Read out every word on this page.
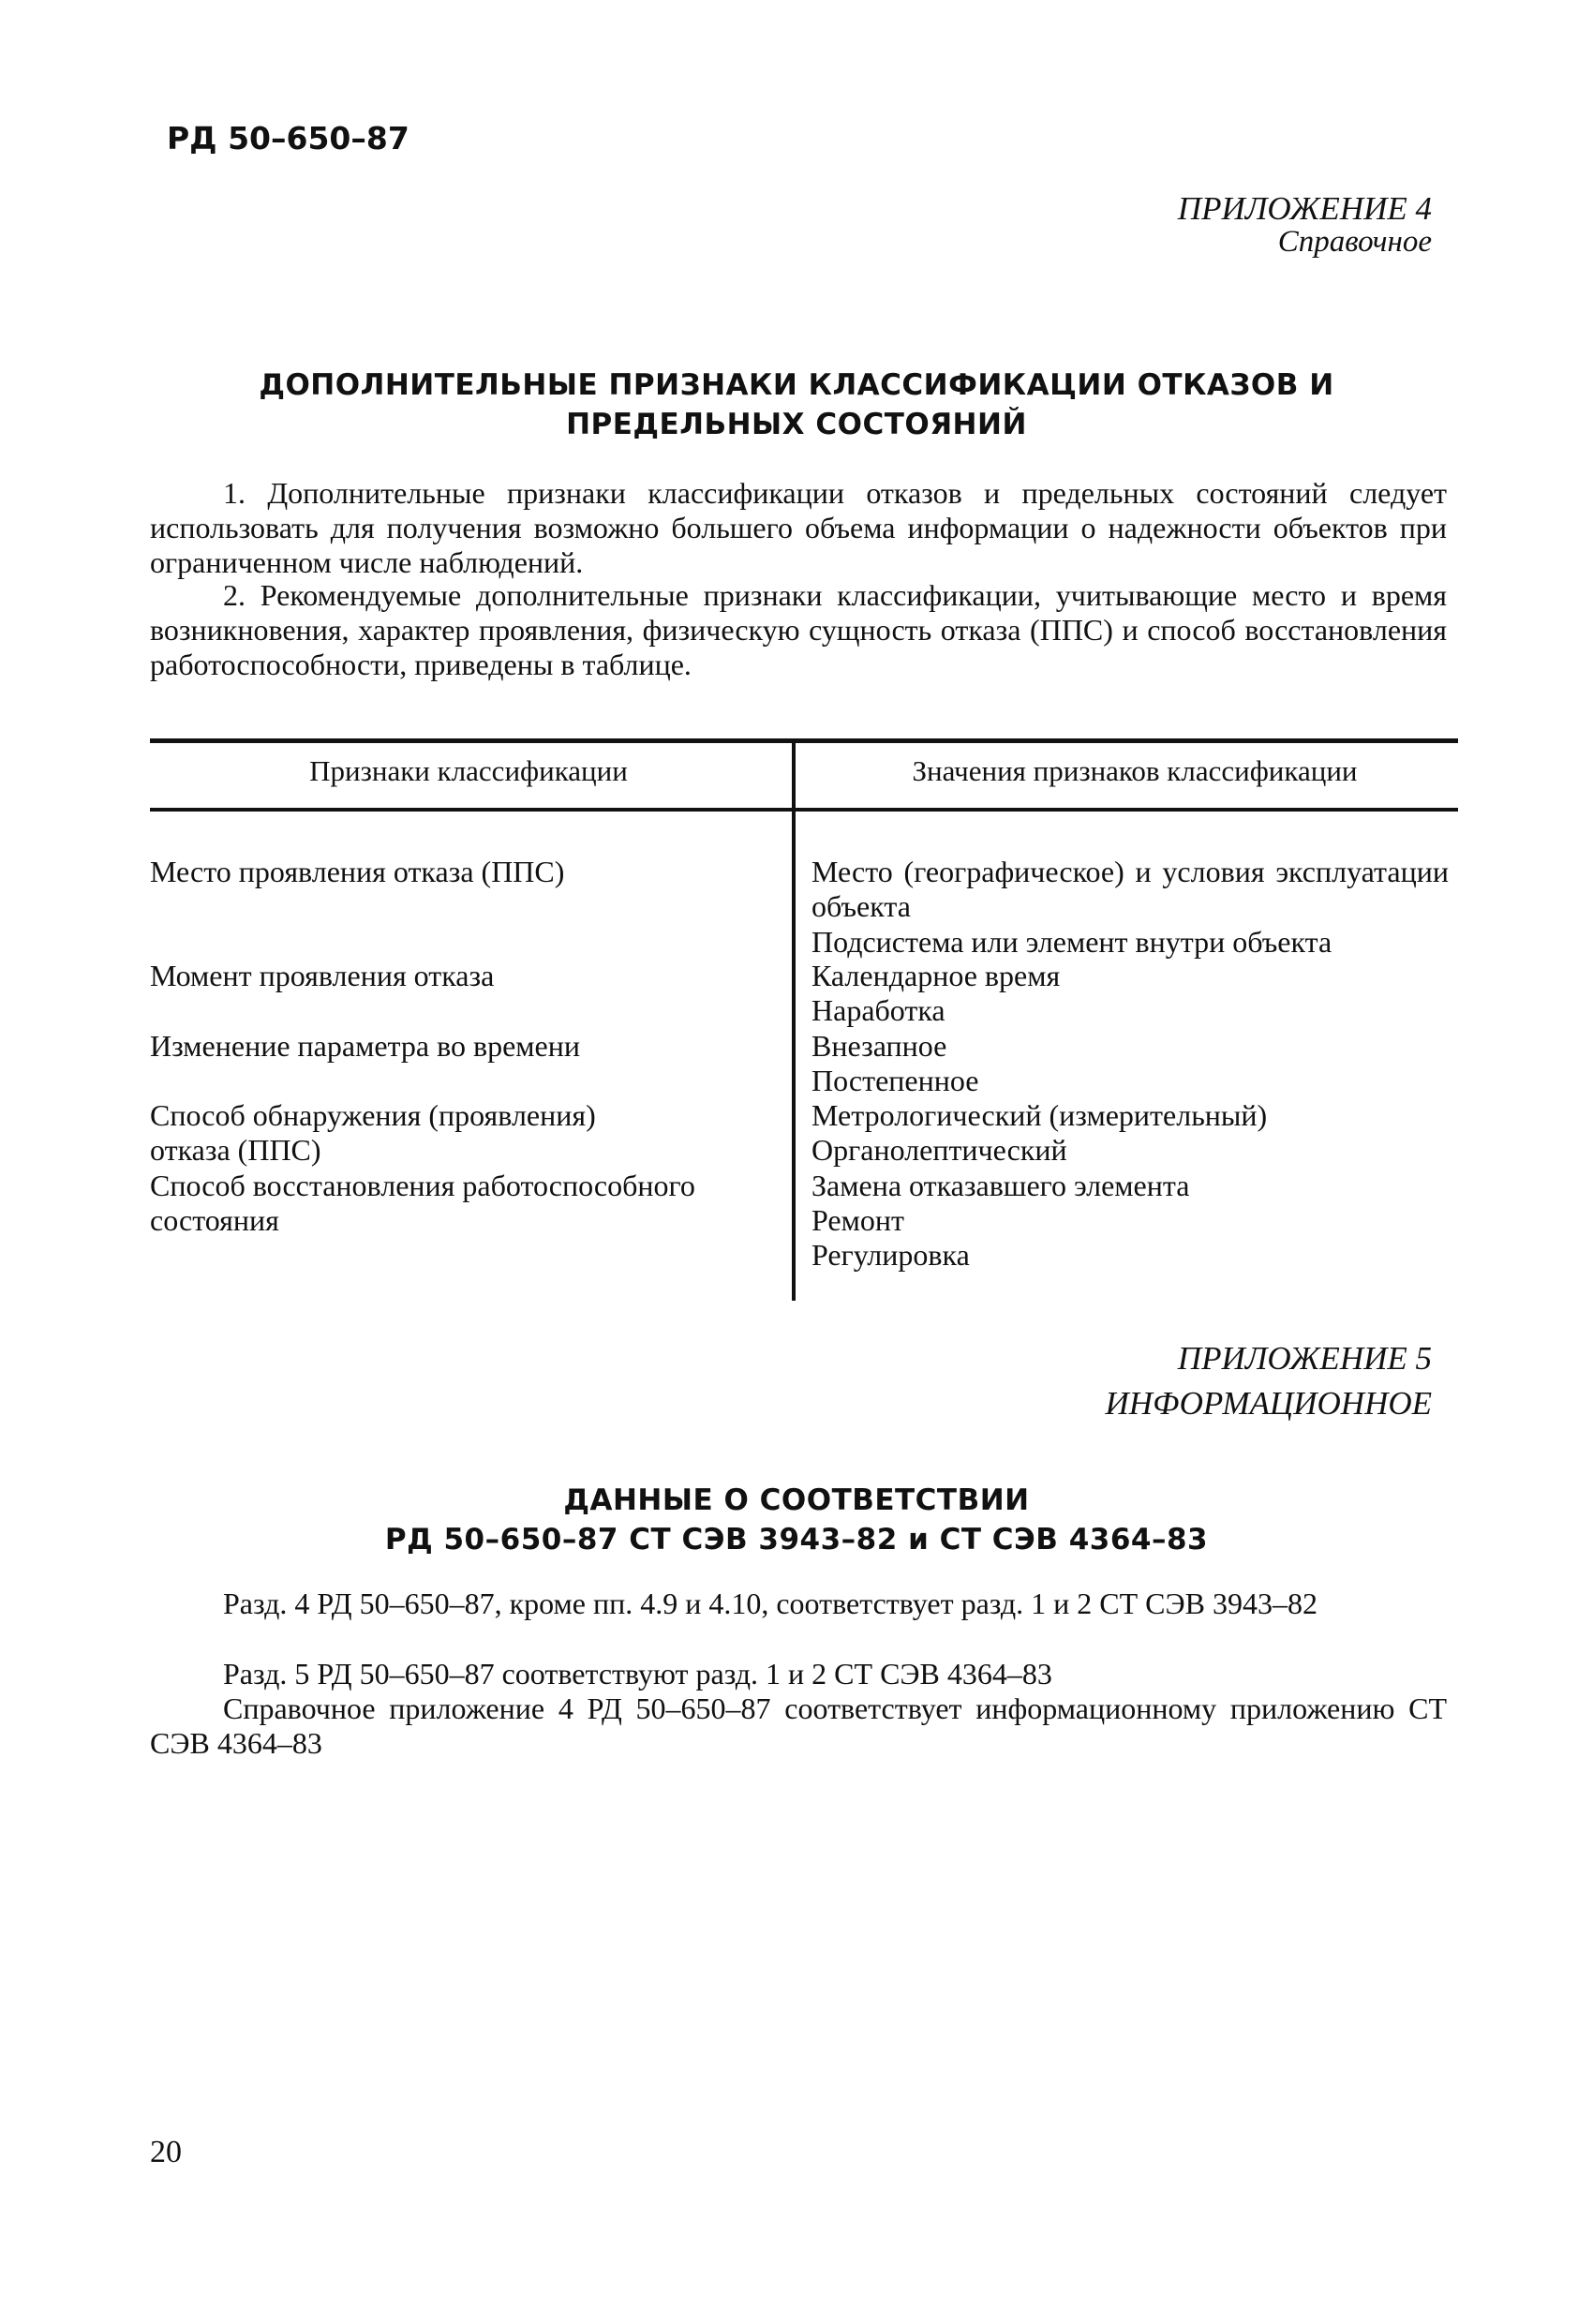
РД 50–650–87
ПРИЛОЖЕНИЕ 4
Справочное
ДОПОЛНИТЕЛЬНЫЕ ПРИЗНАКИ КЛАССИФИКАЦИИ ОТКАЗОВ И
ПРЕДЕЛЬНЫХ СОСТОЯНИЙ
1. Дополнительные признаки классификации отказов и предельных состояний следует использовать для получения возможно большего объема информации о надежности объектов при ограниченном числе наблюдений.
2. Рекомендуемые дополнительные признаки классификации, учитывающие место и время возникновения, характер проявления, физическую сущность отказа (ППС) и способ восстановления работоспособности, приведены в таблице.
Признаки классификации	Значения признаков классификации
Место проявления отказа (ППС)
Момент проявления отказа
Изменение параметра во времени
Способ обнаружения (проявления) отказа (ППС)
Способ восстановления работоспособного состояния
Место (географическое) и условия эксплуатации объекта
Подсистема или элемент внутри объекта
Календарное время
Наработка
Внезапное
Постепенное
Метрологический (измерительный)
Органолептический
Замена отказавшего элемента
Ремонт
Регулировка
ПРИЛОЖЕНИЕ 5
ИНФОРМАЦИОННОЕ
ДАННЫЕ О СООТВЕТСТВИИ
РД 50–650–87 СТ СЭВ 3943–82 и СТ СЭВ 4364–83
Разд. 4 РД 50–650–87, кроме пп. 4.9 и 4.10, соответствует разд. 1 и 2 СТ СЭВ 3943–82
Разд. 5 РД 50–650–87 соответствуют разд. 1 и 2 СТ СЭВ 4364–83
Справочное приложение 4 РД 50–650–87 соответствует информационному приложению СТ СЭВ 4364–83
20
